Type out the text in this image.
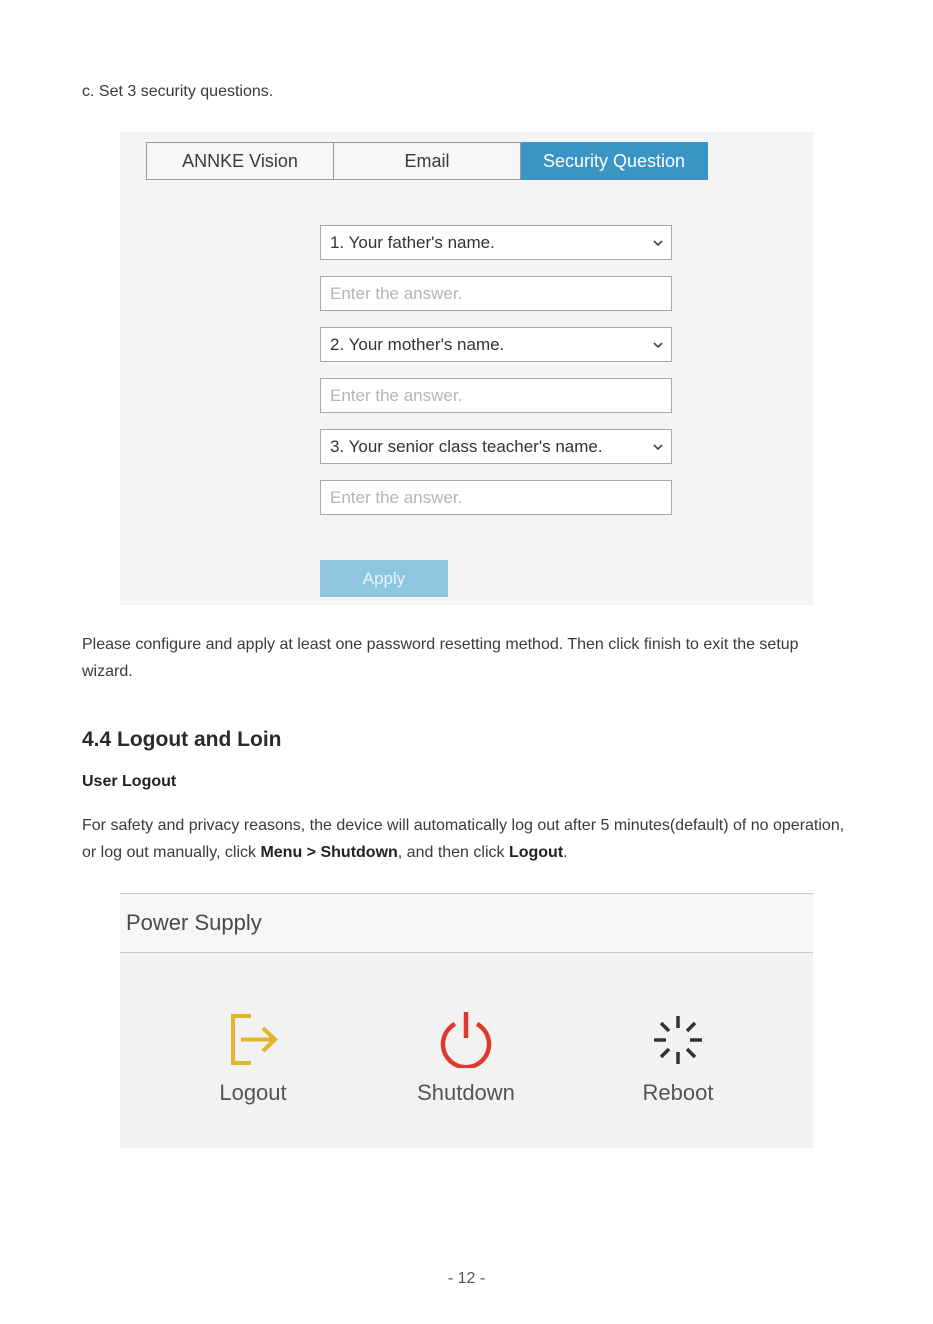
c. Set 3 security questions.
ANNKE Vision	Email	Security Question
1. Your father's name.
Enter the answer.
2. Your mother's name.
Enter the answer.
3. Your senior class teacher's name.
Enter the answer.
Apply
Please configure and apply at least one password resetting method. Then click finish to exit the setup wizard.
4.4 Logout and Loin
User Logout
For safety and privacy reasons, the device will automatically log out after 5 minutes(default) of no operation, or log out manually, click Menu > Shutdown, and then click Logout.
Power Supply
Logout	Shutdown	Reboot
- 12 -
